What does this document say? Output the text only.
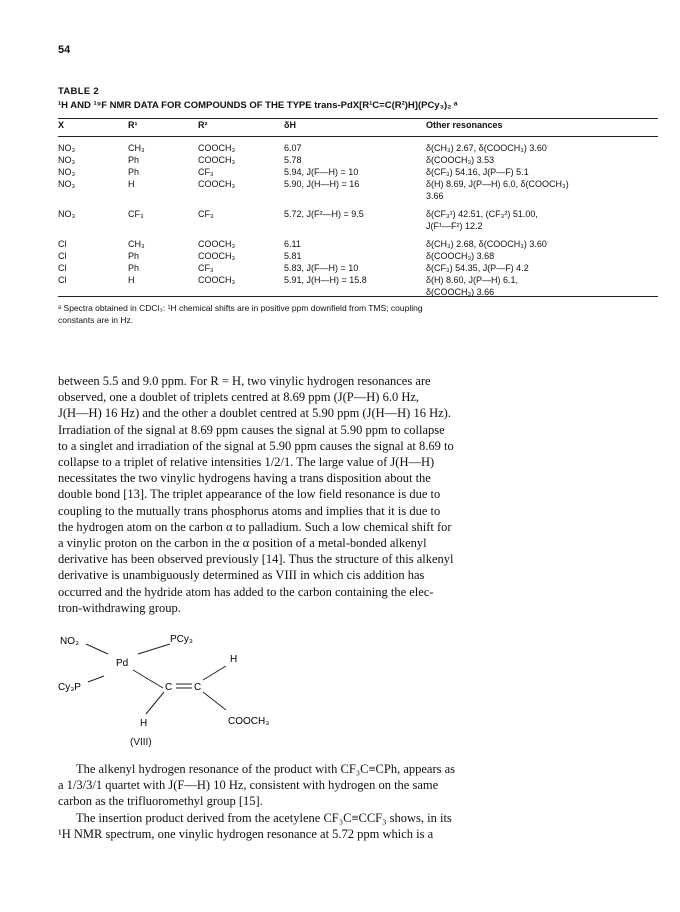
54
TABLE 2
¹H AND ¹⁹F NMR DATA FOR COMPOUNDS OF THE TYPE trans-PdX[R¹C=C(R²)H](PCy₃)₂ ᵃ
X	R¹	R²	δH	Other resonances
NO₃	CH₃	COOCH₃	6.07	δ(CH₃) 2.67, δ(COOCH₃) 3.60
NO₃	Ph	COOCH₃	5.78	δ(COOCH₃) 3.53
NO₃	Ph	CF₃	5.94, J(F—H) = 10	δ(CF₃) 54.16, J(P—F) 5.1
NO₃	H	COOCH₃	5.90, J(H—H) = 16	δ(H) 8.69, J(P—H) 6.0, δ(COOCH₃)
3.66
NO₃	CF₃	CF₃	5.72, J(F²—H) = 9.5	δ(CF₃¹) 42.51, (CF₃²) 51.00,
J(F¹—F²) 12.2
Cl	CH₃	COOCH₃	6.11	δ(CH₃) 2.68, δ(COOCH₃) 3.60
Cl	Ph	COOCH₃	5.81	δ(COOCH₃) 3.68
Cl	Ph	CF₃	5.83, J(F—H) = 10	δ(CF₃) 54.35, J(P—F) 4.2
Cl	H	COOCH₃	5.91, J(H—H) = 15.8	δ(H) 8.60, J(P—H) 6.1,
δ(COOCH₃) 3.66
ᵃ Spectra obtained in CDCl₃: ¹H chemical shifts are in positive ppm downfield from TMS; coupling
constants are in Hz.

between 5.5 and 9.0 ppm. For R = H, two vinylic hydrogen resonances are

observed, one a doublet of triplets centred at 8.69 ppm (J(P—H) 6.0 Hz,

J(H—H) 16 Hz) and the other a doublet centred at 5.90 ppm (J(H—H) 16 Hz).

Irradiation of the signal at 8.69 ppm causes the signal at 5.90 ppm to collapse

to a singlet and irradiation of the signal at 5.90 ppm causes the signal at 8.69 to

collapse to a triplet of relative intensities 1/2/1. The large value of J(H—H)

necessitates the two vinylic hydrogens having a trans disposition about the

double bond [13]. The triplet appearance of the low field resonance is due to

coupling to the mutually trans phosphorus atoms and implies that it is due to

the hydrogen atom on the carbon α to palladium. Such a low chemical shift for

a vinylic proton on the carbon in the α position of a metal-bonded alkenyl

derivative has been observed previously [14]. Thus the structure of this alkenyl

derivative is unambiguously determined as VIII in which cis addition has

occurred and the hydride atom has added to the carbon containing the elec-

tron-withdrawing group.

NO₃	PCy₃
Pd
Cy₃P	C C
H
H	COOCH₃
(VIII)

The alkenyl hydrogen resonance of the product with CF₃C≡CPh, appears as

a 1/3/3/1 quartet with J(F—H) 10 Hz, consistent with hydrogen on the same

carbon as the trifluoromethyl group [15].

The insertion product derived from the acetylene CF₃C≡CCF₃ shows, in its

¹H NMR spectrum, one vinylic hydrogen resonance at 5.72 ppm which is a
